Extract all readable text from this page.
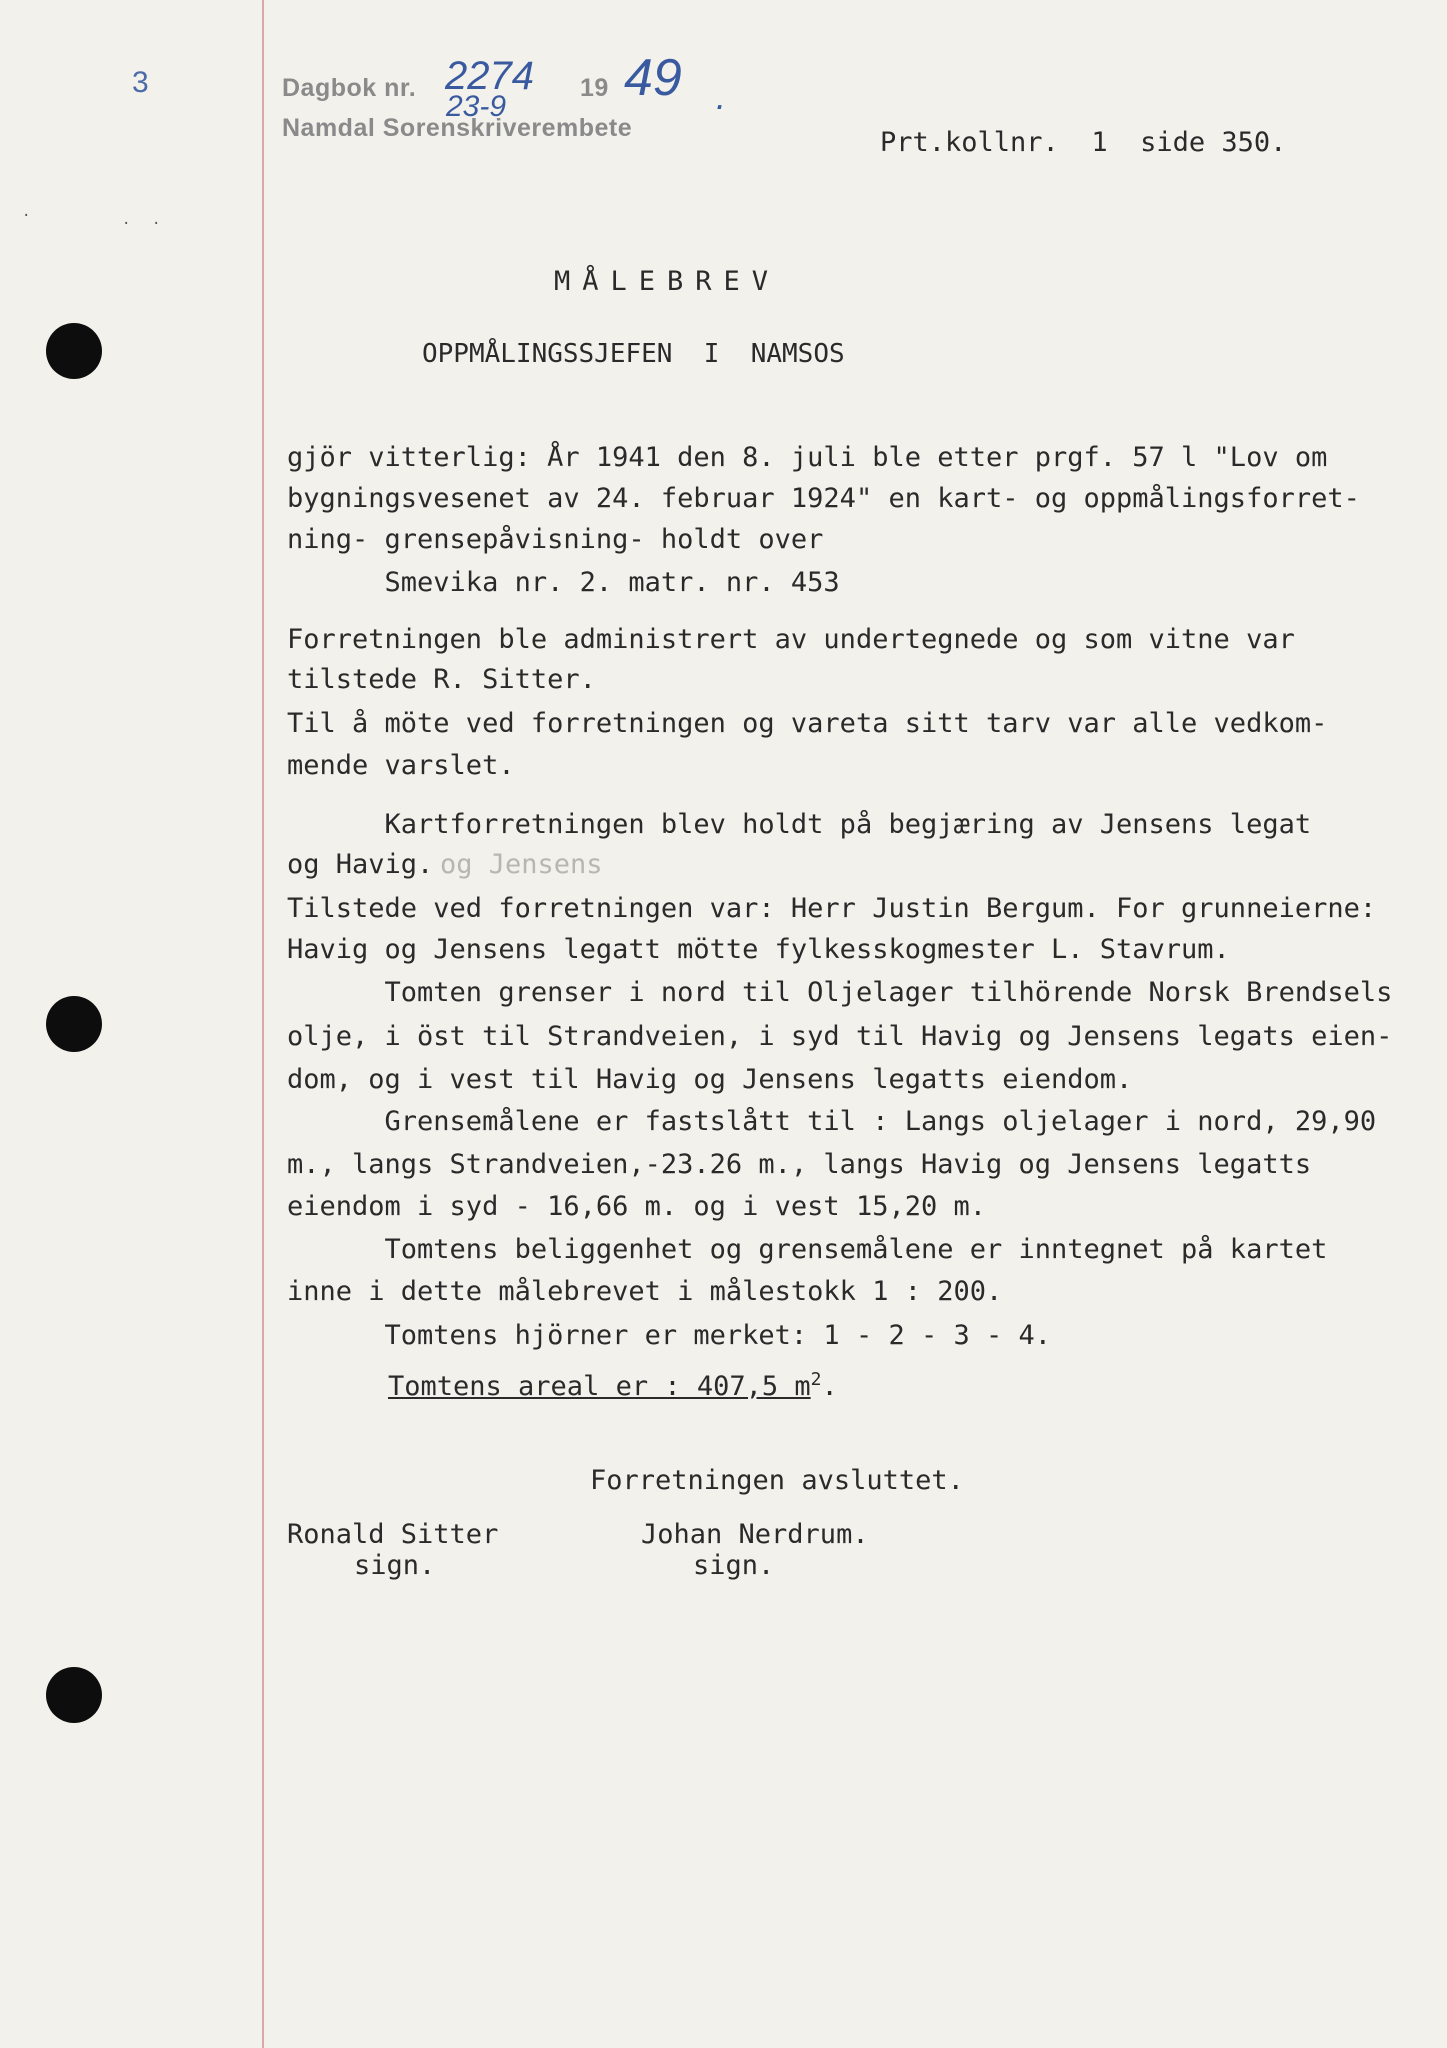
3
·	· ·
Dagbok nr. 2274 19 49 .
Namdal Sorenskriverembete
23-9
Prt.kollnr.  1  side 350.
MÅLEBREV
OPPMÅLINGSSJEFEN  I  NAMSOS
gjör vitterlig: År 1941 den 8. juli ble etter prgf. 57 l "Lov om
bygningsvesenet av 24. februar 1924" en kart- og oppmålingsforret-
ning- grensepåvisning- holdt over
Smevika nr. 2. matr. nr. 453
Forretningen ble administrert av undertegnede og som vitne var
tilstede R. Sitter.
Til å möte ved forretningen og vareta sitt tarv var alle vedkom-
mende varslet.
Kartforretningen blev holdt på begjæring av Jensens legat
og Havig. og Jensens
Tilstede ved forretningen var: Herr Justin Bergum. For grunneierne:
Havig og Jensens legatt mötte fylkesskogmester L. Stavrum.
Tomten grenser i nord til Oljelager tilhörende Norsk Brendsels
olje, i öst til Strandveien, i syd til Havig og Jensens legats eien-
dom, og i vest til Havig og Jensens legatts eiendom.
Grensemålene er fastslått til : Langs oljelager i nord, 29,90
m., langs Strandveien,-23.26 m., langs Havig og Jensens legatts
eiendom i syd - 16,66 m. og i vest 15,20 m.
Tomtens beliggenhet og grensemålene er inntegnet på kartet
inne i dette målebrevet i målestokk 1 : 200.
Tomtens hjörner er merket: 1 - 2 - 3 - 4.
Tomtens areal er : 407,5 $m^2$.
Forretningen avsluttet.
Ronald Sitter
sign.
Johan Nerdrum.
sign.
